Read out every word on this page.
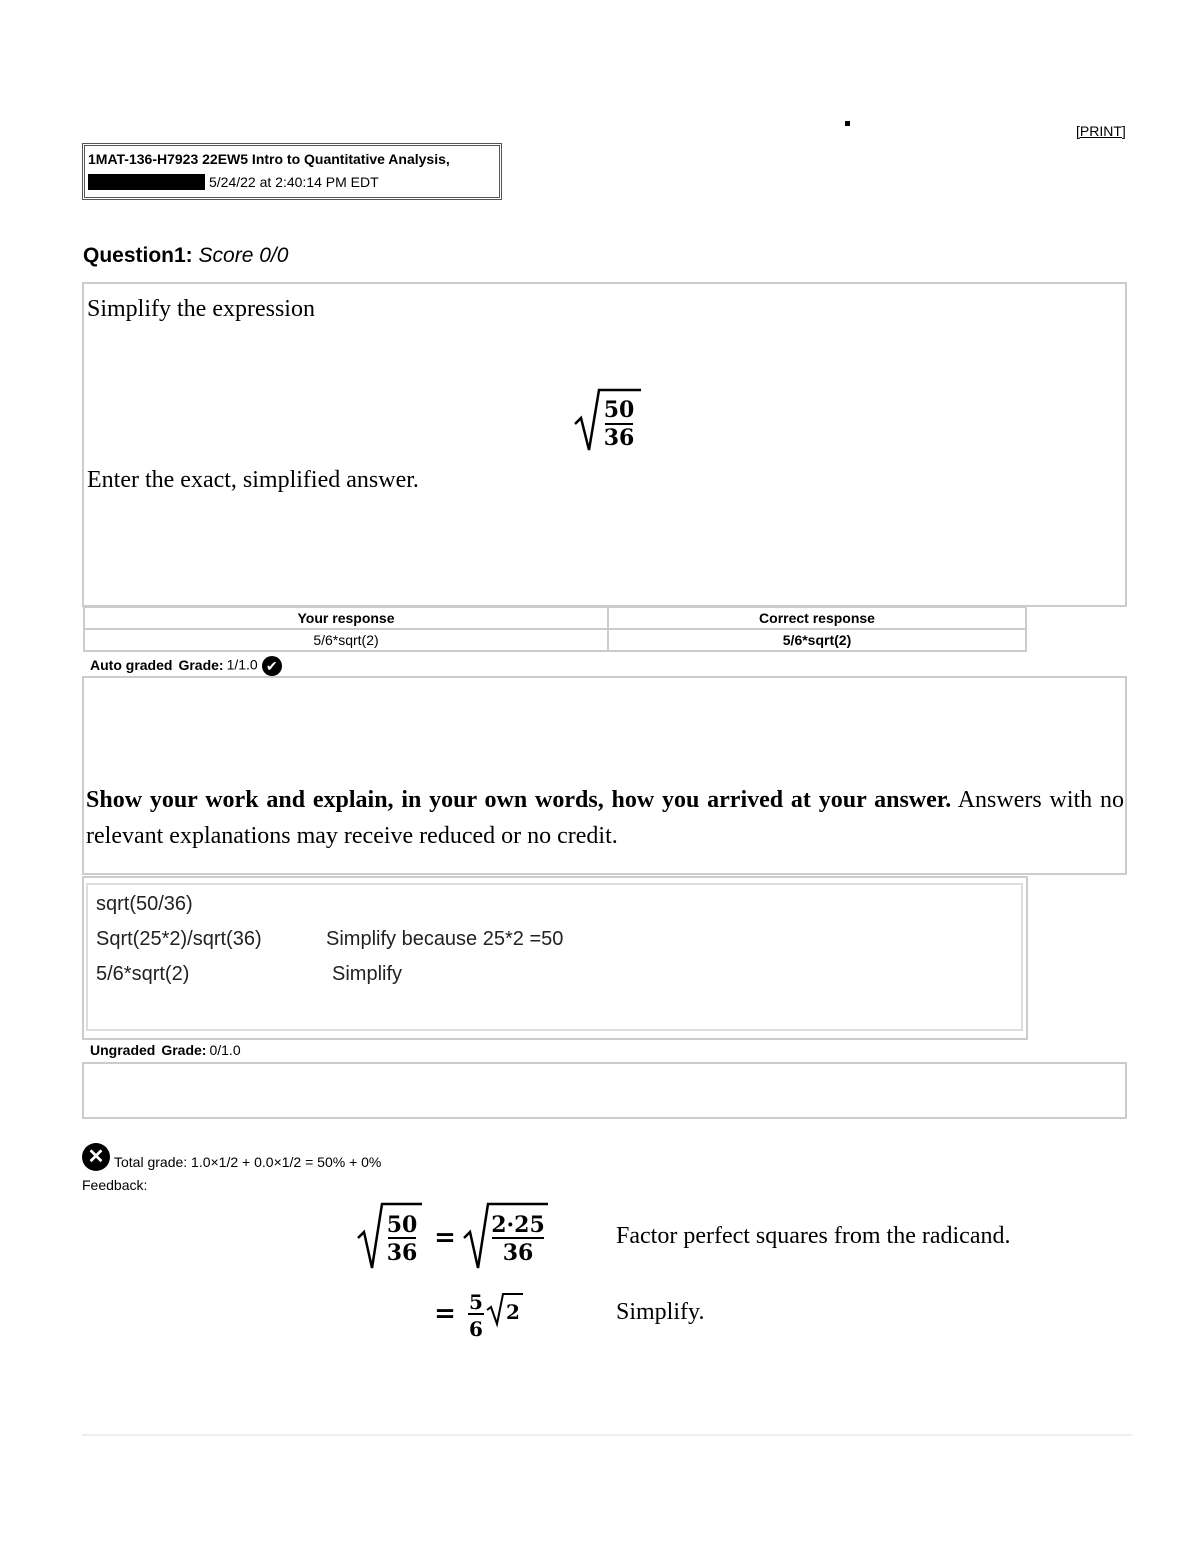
[PRINT]
1MAT-136-H7923 22EW5 Intro to Quantitative Analysis,
5/24/22 at 2:40:14 PM EDT
Question1: Score 0/0
Simplify the expression
50
36
Enter the exact, simplified answer.
Your response	Correct response
5/6*sqrt(2)	5/6*sqrt(2)
Auto graded Grade: 1/1.0 ✔
Show your work and explain, in your own words, how you arrived at your answer. Answers with no relevant explanations may receive reduced or no credit.
sqrt(50/36)
Sqrt(25*2)/sqrt(36)	Simplify because 25*2 =50
5/6*sqrt(2)	Simplify
Ungraded Grade: 0/1.0
✕ Total grade: 1.0×1/2 + 0.0×1/2 = 50% + 0%
Feedback:
50
36 = 2·25
36
Factor perfect squares from the radicand.
= 5
6
2	Simplify.
